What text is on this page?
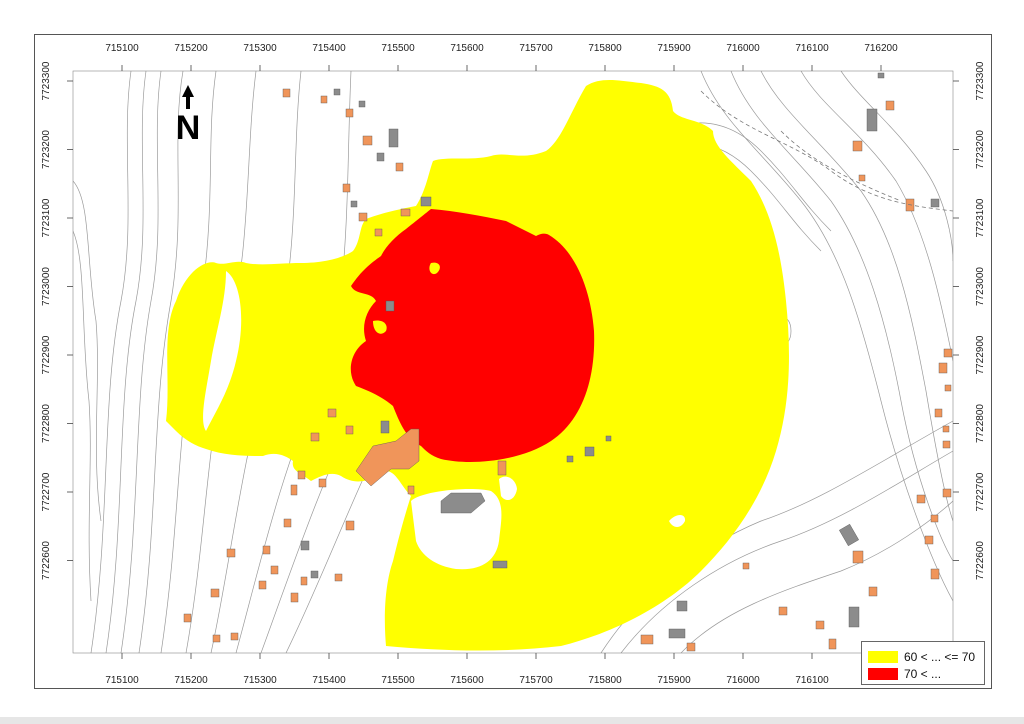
715100	715200	715300	715400	715500	715600	715700	715800	715900	716000	716100	716200
715100	715200	715300	715400	715500	715600	715700	715800	715900	716000	716100
7723300
7723200
7723100
7723000
7722900
7722800
7722700
7722600
7723300
7723200
7723100
7723000
7722900
7722800
7722700
7722600
N
60 < ... <= 70
70 < ...
